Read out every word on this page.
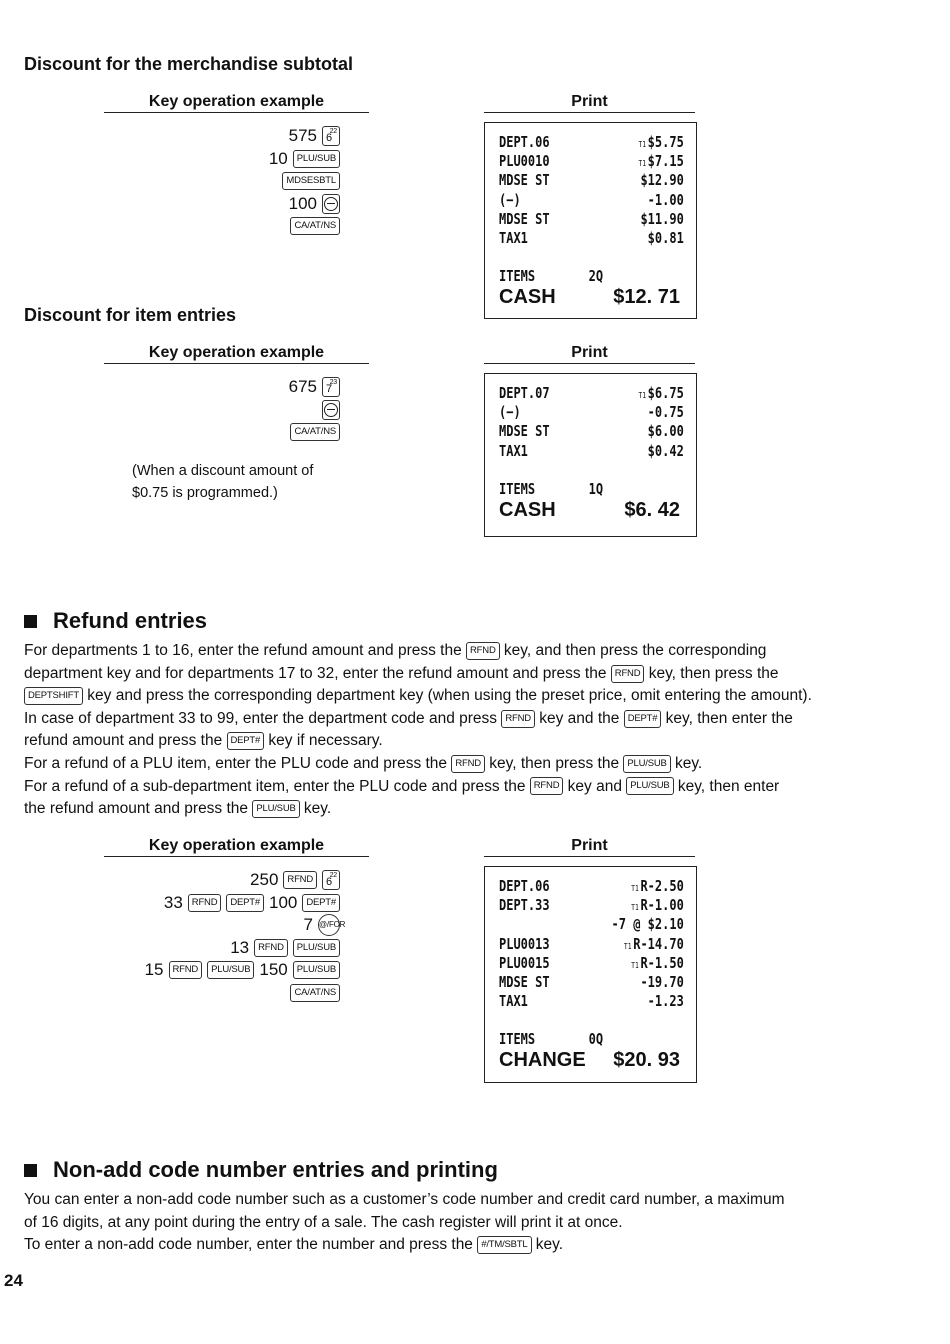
Discount for the merchandise subtotal
Key operation example	Print
575 6
22
10 PLU/SUB
MDSESBTL
100
CA/AT/NS
DEPT.06	T1 $5.75
PLU0010	T1 $7.15
MDSE ST	$12.90
(−)	-1.00
MDSE ST	$11.90
TAX1	$0.81
ITEMS	2Q
CASH	$12. 71
Discount for item entries
Key operation example	Print
675 7
23
CA/AT/NS
(When a discount amount of
$0.75 is programmed.)
DEPT.07	T1 $6.75
(−)	-0.75
MDSE ST	$6.00
TAX1	$0.42
ITEMS	1Q
CASH	$6. 42
Refund entries

For departments 1 to 16, enter the refund amount and press the RFND key, and then press the corresponding

department key and for departments 17 to 32, enter the refund amount and press the RFND key, then press the

DEPTSHIFT key and press the corresponding department key (when using the preset price, omit entering the amount).

In case of department 33 to 99, enter the department code and press RFND key and the DEPT# key, then enter the

refund amount and press the DEPT# key if necessary.

For a refund of a PLU item, enter the PLU code and press the RFND key, then press the PLU/SUB key.

For a refund of a sub-department item, enter the PLU code and press the RFND key and PLU/SUB key, then enter

the refund amount and press the PLU/SUB key.

Key operation example	Print
250 RFND	6
22
33 RFND	DEPT# 100 DEPT#
7 @/FOR
13 RFND	PLU/SUB
15 RFND	PLU/SUB 150 PLU/SUB
CA/AT/NS
DEPT.06	T1 R-2.50
DEPT.33	T1 R-1.00
-7 @ $2.10
PLU0013	T1 R-14.70
PLU0015	T1 R-1.50
MDSE ST	-19.70
TAX1	-1.23
ITEMS	0Q
CHANGE $20. 93
Non-add code number entries and printing

You can enter a non-add code number such as a customer’s code number and credit card number, a maximum

of 16 digits, at any point during the entry of a sale. The cash register will print it at once.

To enter a non-add code number, enter the number and press the #/TM/SBTL key.

24
